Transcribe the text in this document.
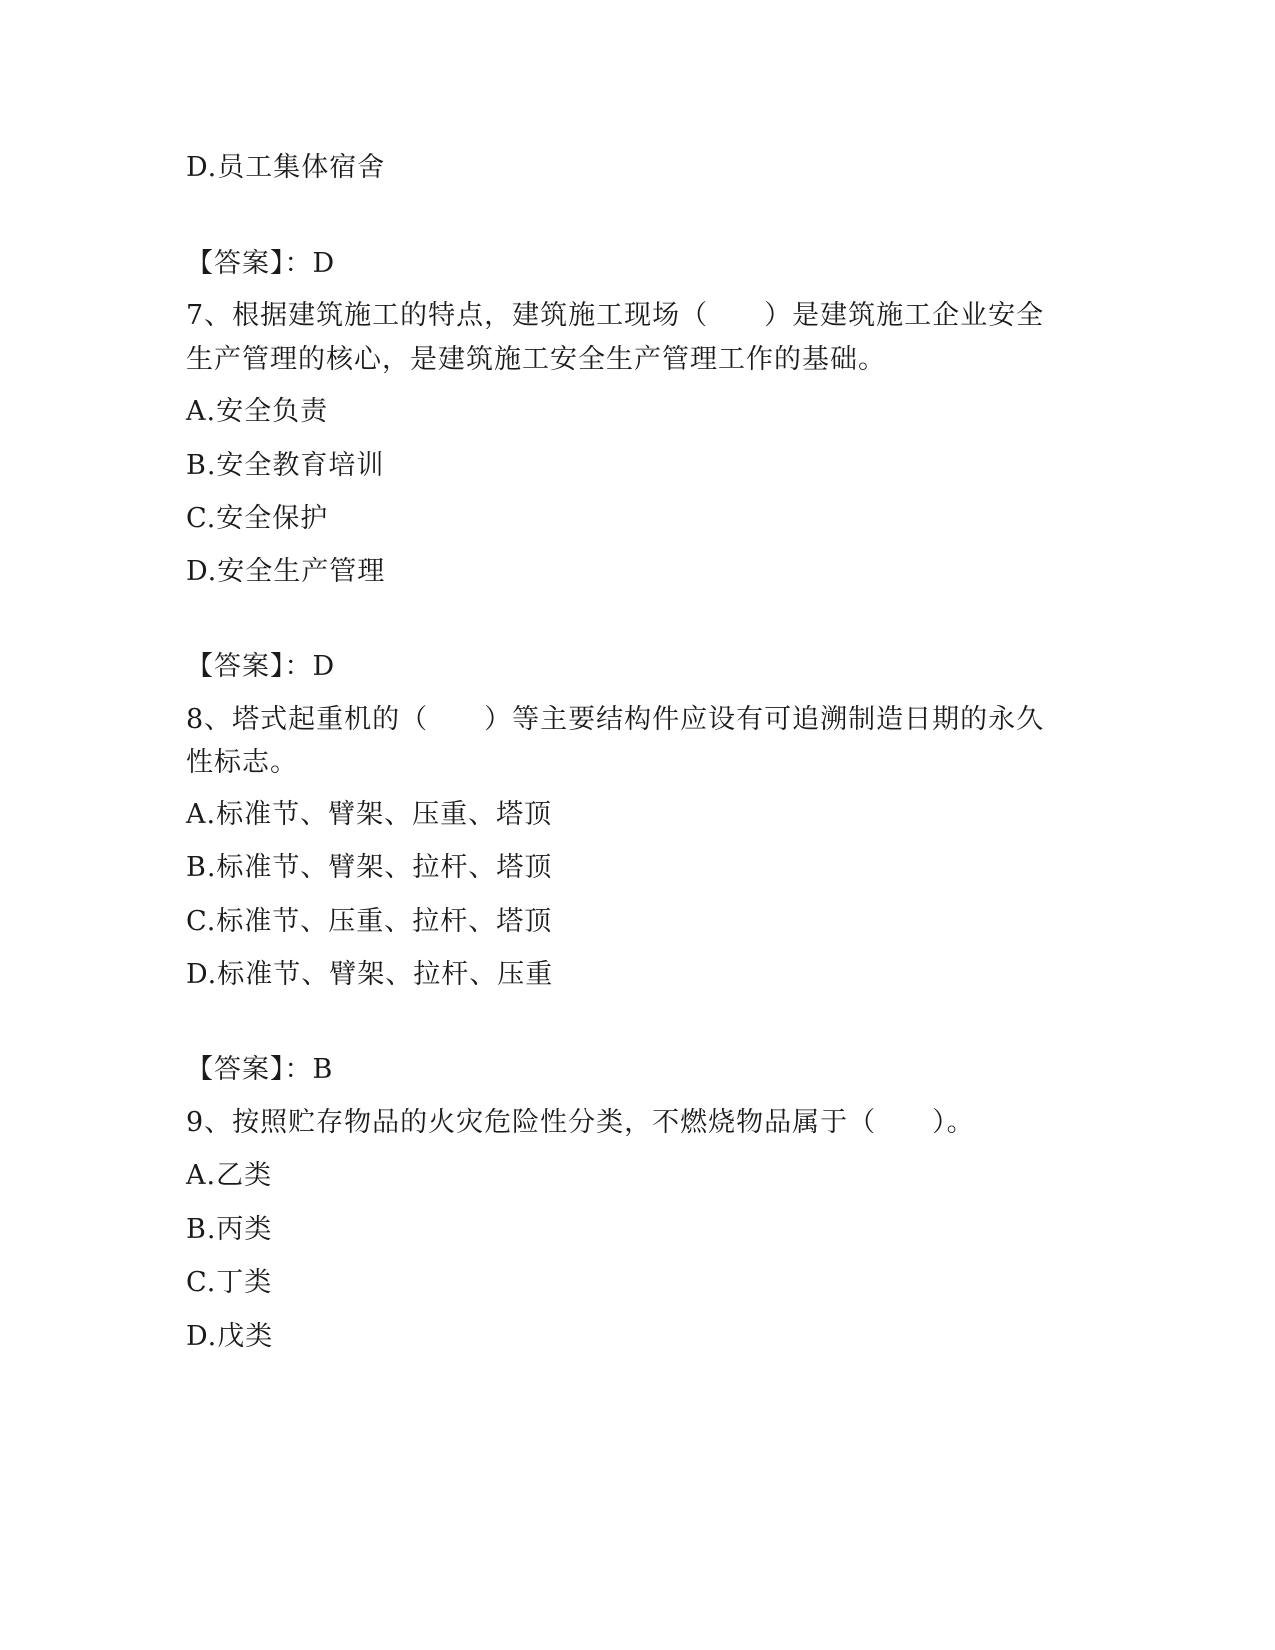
D.员工集体宿舍
【答案】：D
7、根据建筑施工的特点，建筑施工现场（　　）是建筑施工企业安全
生产管理的核心，是建筑施工安全生产管理工作的基础。
A.安全负责
B.安全教育培训
C.安全保护
D.安全生产管理
【答案】：D
8、塔式起重机的（　　）等主要结构件应设有可追溯制造日期的永久
性标志。
A.标准节、臂架、压重、塔顶
B.标准节、臂架、拉杆、塔顶
C.标准节、压重、拉杆、塔顶
D.标准节、臂架、拉杆、压重
【答案】：B
9、按照贮存物品的火灾危险性分类，不燃烧物品属于（　　）。
A.乙类
B.丙类
C.丁类
D.戊类
